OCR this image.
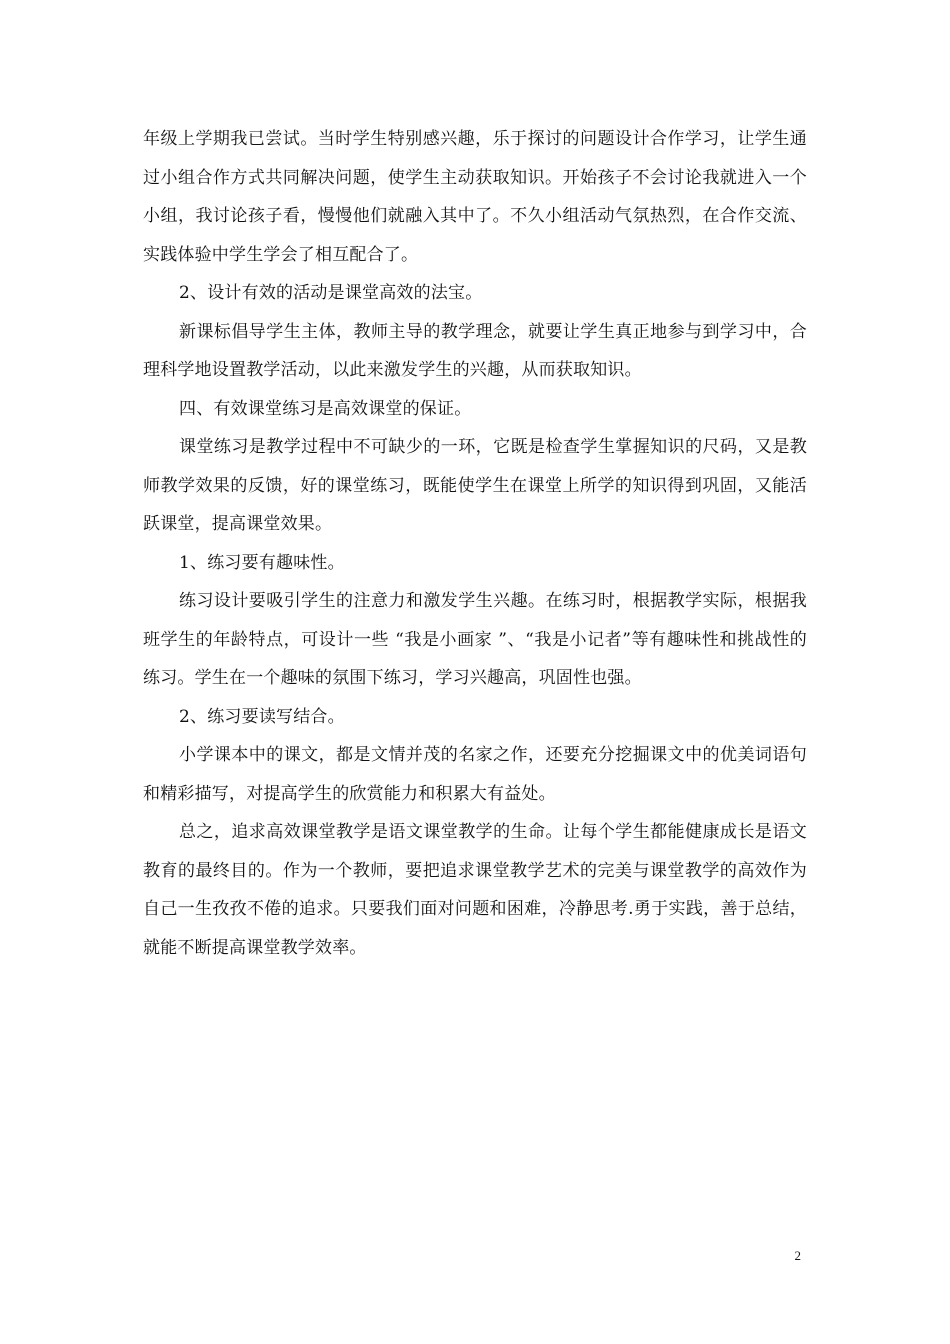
年级上学期我已尝试。当时学生特别感兴趣，乐于探讨的问题设计合作学习，让学生通过小组合作方式共同解决问题，使学生主动获取知识。开始孩子不会讨论我就进入一个小组，我讨论孩子看，慢慢他们就融入其中了。不久小组活动气氛热烈，在合作交流、实践体验中学生学会了相互配合了。

2、设计有效的活动是课堂高效的法宝。

新课标倡导学生主体，教师主导的教学理念，就要让学生真正地参与到学习中，合理科学地设置教学活动，以此来激发学生的兴趣，从而获取知识。

四、有效课堂练习是高效课堂的保证。

课堂练习是教学过程中不可缺少的一环，它既是检查学生掌握知识的尺码，又是教师教学效果的反馈，好的课堂练习，既能使学生在课堂上所学的知识得到巩固，又能活跃课堂，提高课堂效果。

1、练习要有趣味性。

练习设计要吸引学生的注意力和激发学生兴趣。在练习时，根据教学实际，根据我班学生的年龄特点，可设计一些 “我是小画家 ”、“我是小记者”等有趣味性和挑战性的练习。学生在一个趣味的氛围下练习，学习兴趣高，巩固性也强。

2、练习要读写结合。

小学课本中的课文，都是文情并茂的名家之作，还要充分挖掘课文中的优美词语句和精彩描写，对提高学生的欣赏能力和积累大有益处。

总之，追求高效课堂教学是语文课堂教学的生命。让每个学生都能健康成长是语文教育的最终目的。作为一个教师，要把追求课堂教学艺术的完美与课堂教学的高效作为自己一生孜孜不倦的追求。只要我们面对问题和困难，冷静思考.勇于实践，善于总结，就能不断提高课堂教学效率。

2
